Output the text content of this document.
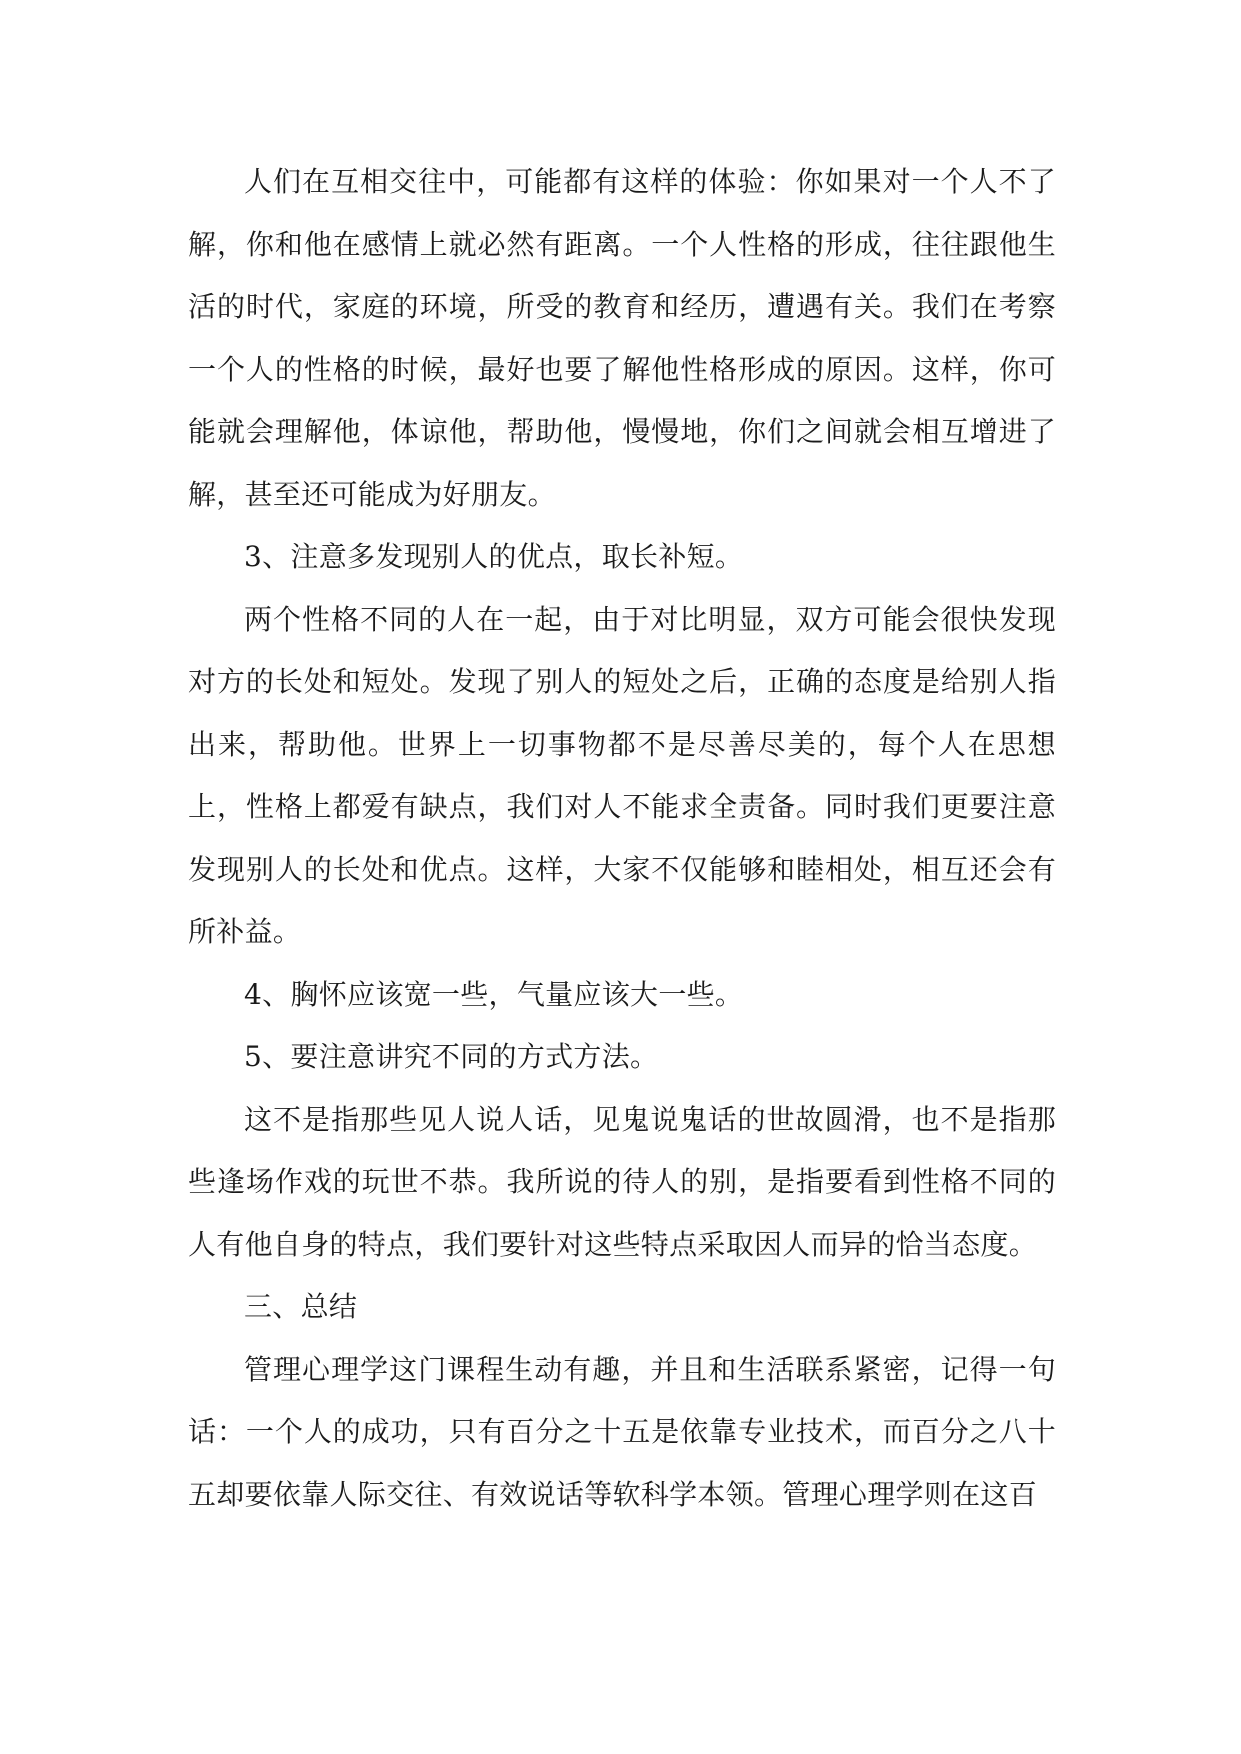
人们在互相交往中，可能都有这样的体验：你如果对一个人不了解，你和他在感情上就必然有距离。一个人性格的形成，往往跟他生活的时代，家庭的环境，所受的教育和经历，遭遇有关。我们在考察一个人的性格的时候，最好也要了解他性格形成的原因。这样，你可能就会理解他，体谅他，帮助他，慢慢地，你们之间就会相互增进了解，甚至还可能成为好朋友。

3、注意多发现别人的优点，取长补短。

两个性格不同的人在一起，由于对比明显，双方可能会很快发现对方的长处和短处。发现了别人的短处之后，正确的态度是给别人指出来，帮助他。世界上一切事物都不是尽善尽美的，每个人在思想上，性格上都爱有缺点，我们对人不能求全责备。同时我们更要注意发现别人的长处和优点。这样，大家不仅能够和睦相处，相互还会有所补益。

4、胸怀应该宽一些，气量应该大一些。

5、要注意讲究不同的方式方法。

这不是指那些见人说人话，见鬼说鬼话的世故圆滑，也不是指那些逢场作戏的玩世不恭。我所说的待人的别，是指要看到性格不同的人有他自身的特点，我们要针对这些特点采取因人而异的恰当态度。

三、总结

管理心理学这门课程生动有趣，并且和生活联系紧密，记得一句话：一个人的成功，只有百分之十五是依靠专业技术，而百分之八十五却要依靠人际交往、有效说话等软科学本领。管理心理学则在这百
